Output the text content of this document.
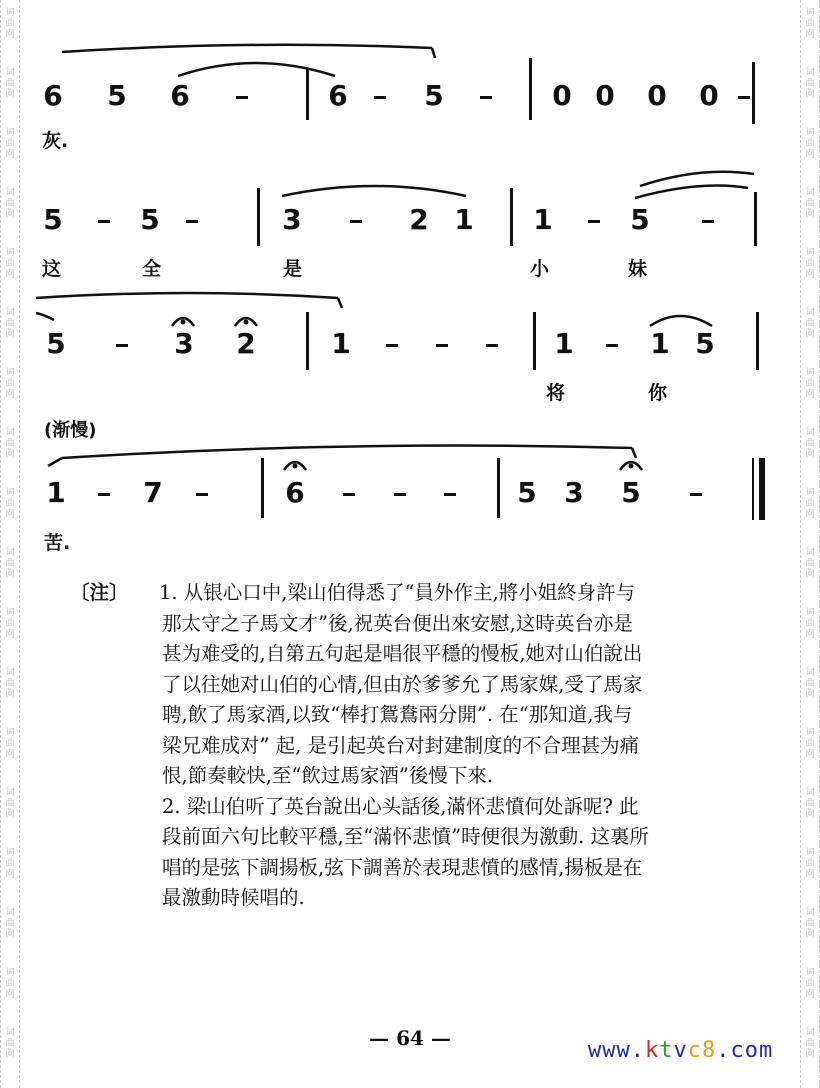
词
曲
网
词
曲
网
词
曲
网
词
曲
网
词
曲
网
词
曲
网
词
曲
网
词
曲
网
词
曲
网
词
曲
网
词
曲
网
词
曲
网
词
曲
网
词
曲
网
词
曲
网
词
曲
网
词
曲
网
词
曲
网
词
曲
网
词
曲
网
词
曲
网
词
曲
网
词
曲
网
词
曲
网
词
曲
网
词
曲
网
词
曲
网
词
曲
网
词
曲
网
词
曲
网
词
曲
网
词
曲
网
词
曲
网
词
曲
网
词
曲
网
词
曲
网
6 5 6	6	5	0 0 0 0
灰.
5	5	3	2 1 1	5
这	全	是	小	妹
5	3 2	1	1	1 5
将	你
(渐慢)
1	7	6	5 3 5
苦.
〔注〕 1. 从银心口中,梁山伯得悉了“員外作主,將小姐終身許与
那太守之子馬文才”後,祝英台便出來安慰,这時英台亦是
甚为难受的,自第五句起是唱很平穩的慢板,她对山伯說出
了以往她对山伯的心情,但由於爹爹允了馬家媒,受了馬家
聘,飲了馬家酒,以致“棒打鴛鴦兩分開”. 在“那知道,我与
梁兄难成对” 起, 是引起英台对封建制度的不合理甚为痛
恨,節奏較快,至“飲过馬家酒”後慢下來.
2. 梁山伯听了英台說出心头話後,滿怀悲憤何处訴呢? 此
段前面六句比較平穩,至“滿怀悲憤”時便很为激動. 这裏所
唱的是弦下調揚板,弦下調善於表現悲憤的感情,揚板是在
最激動時候唱的.
— 64 —	www.ktvc8.com
